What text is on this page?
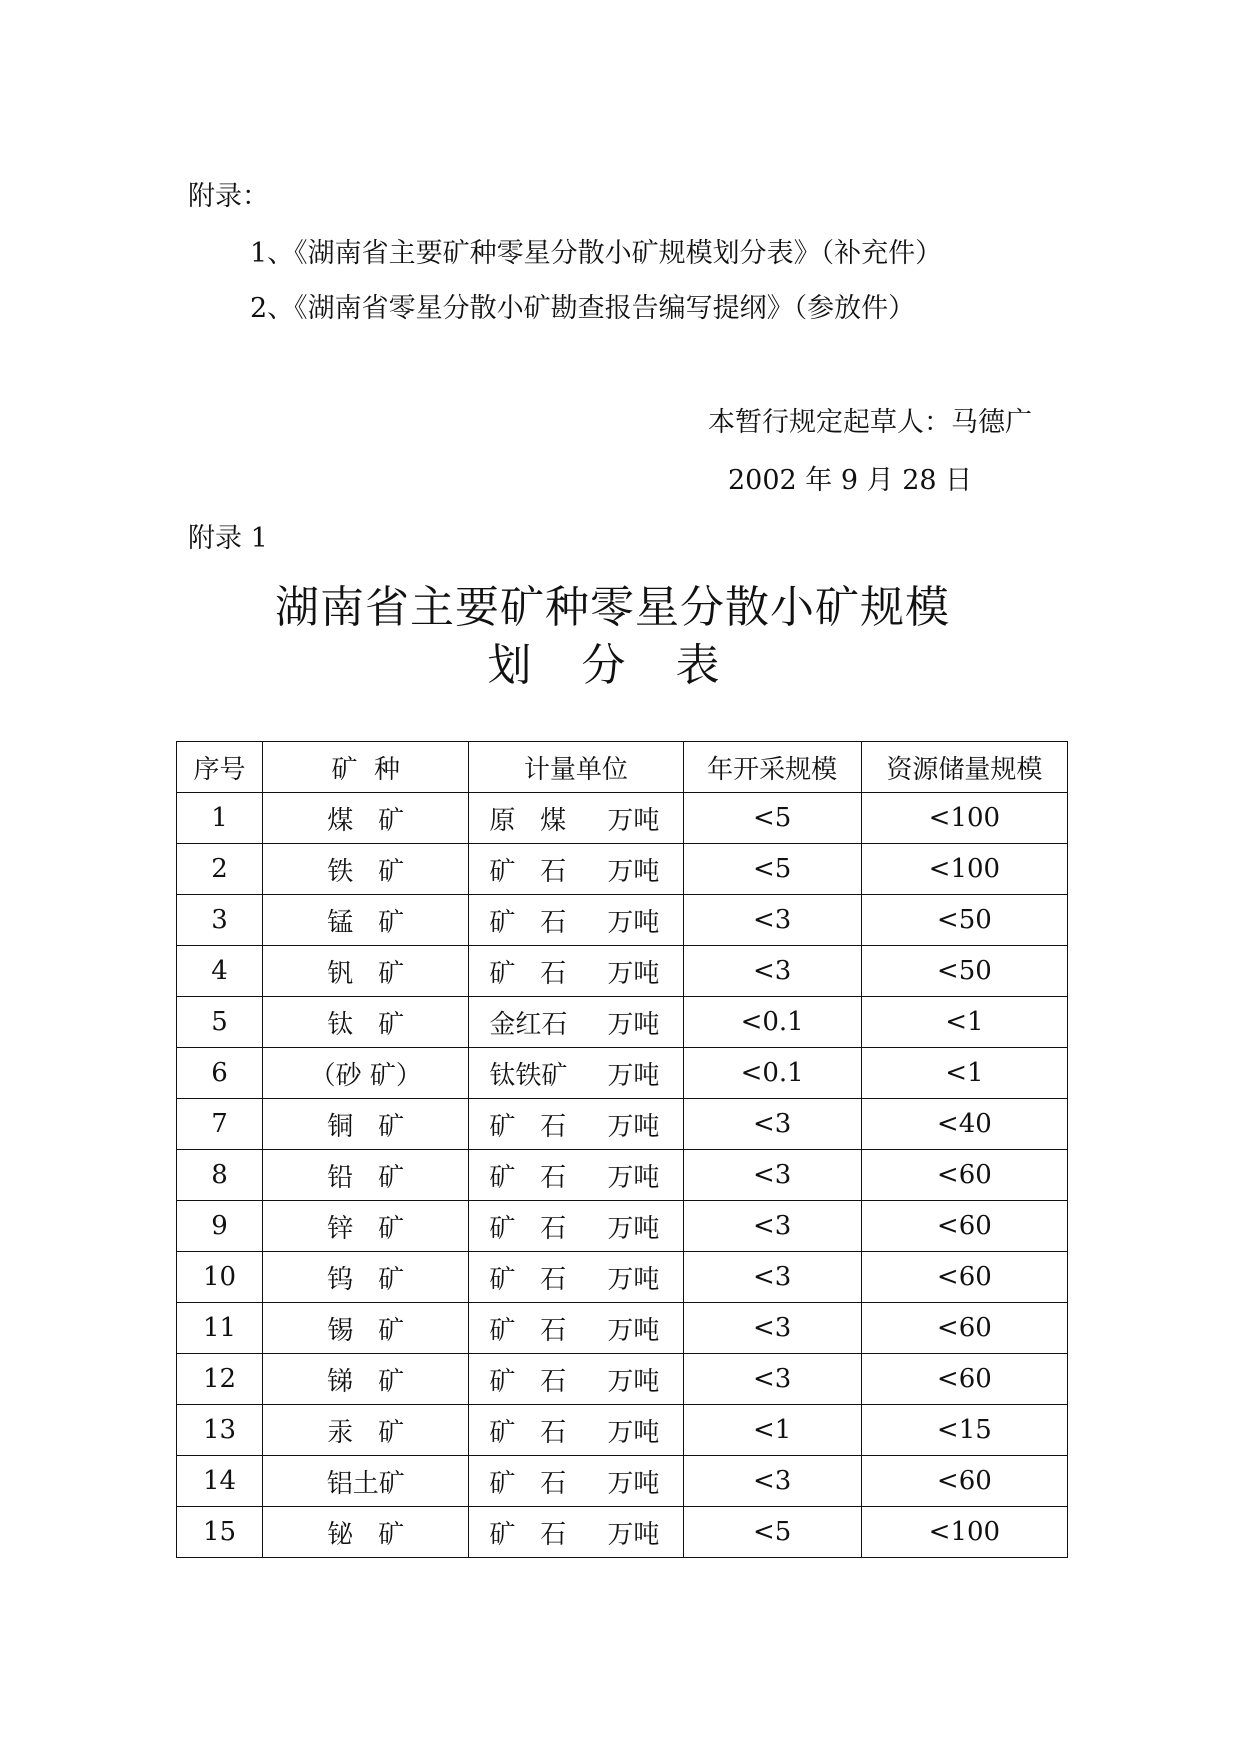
附录：
1、《湖南省主要矿种零星分散小矿规模划分表》（补充件）
2、《湖南省零星分散小矿勘查报告编写提纲》（参放件）
本暂行规定起草人：马德广
2002 年 9 月 28 日
附录 1
湖南省主要矿种零星分散小矿规模
划 分 表
序号	矿  种	计量单位	年开采规模	资源储量规模
1	煤   矿	原   煤 万吨	<5	<100
2	铁   矿	矿   石 万吨	<5	<100
3	锰   矿	矿   石 万吨	<3	<50
4	钒   矿	矿   石 万吨	<3	<50
5	钛   矿	金红石 万吨	<0.1	<1
6	（砂 矿）	钛铁矿 万吨	<0.1	<1
7	铜   矿	矿   石 万吨	<3	<40
8	铅   矿	矿   石 万吨	<3	<60
9	锌   矿	矿   石 万吨	<3	<60
10	钨   矿	矿   石 万吨	<3	<60
11	锡   矿	矿   石 万吨	<3	<60
12	锑   矿	矿   石 万吨	<3	<60
13	汞   矿	矿   石 万吨	<1	<15
14	铝土矿	矿   石 万吨	<3	<60
15	铋   矿	矿   石 万吨	<5	<100
